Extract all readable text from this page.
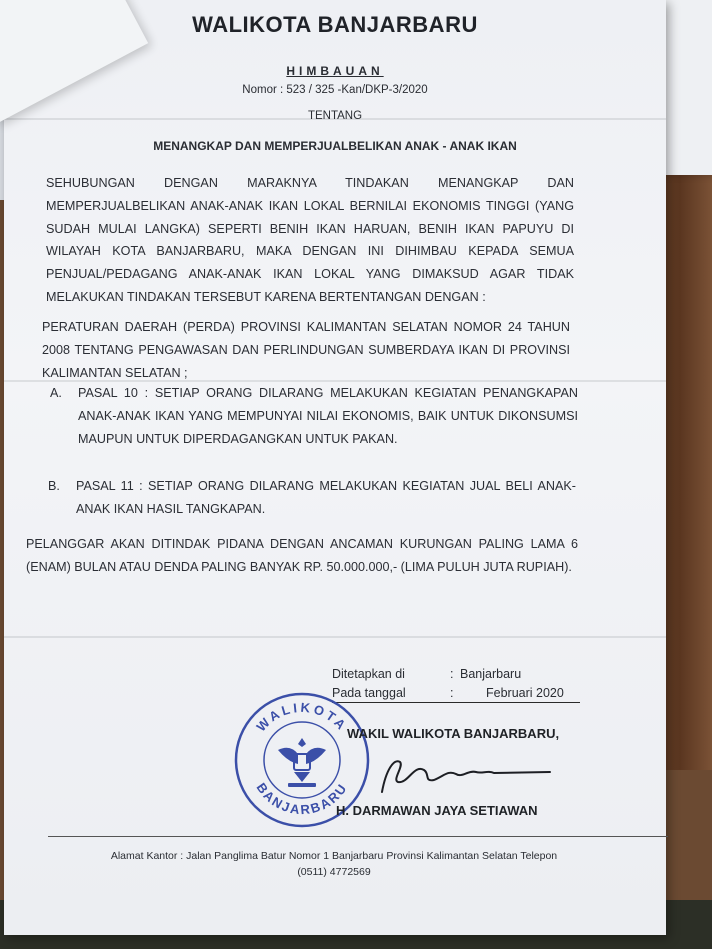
WALIKOTA BANJARBARU
HIMBAUAN
Nomor : 523 / 325 -Kan/DKP-3/2020
TENTANG
MENANGKAP DAN MEMPERJUALBELIKAN ANAK - ANAK IKAN
SEHUBUNGAN DENGAN MARAKNYA TINDAKAN MENANGKAP DAN MEMPERJUALBELIKAN ANAK-ANAK IKAN LOKAL BERNILAI EKONOMIS TINGGI (YANG SUDAH MULAI LANGKA) SEPERTI BENIH IKAN HARUAN, BENIH IKAN PAPUYU DI WILAYAH KOTA BANJARBARU, MAKA DENGAN INI DIHIMBAU KEPADA SEMUA PENJUAL/PEDAGANG ANAK-ANAK IKAN LOKAL YANG DIMAKSUD AGAR TIDAK MELAKUKAN TINDAKAN TERSEBUT KARENA BERTENTANGAN DENGAN :
PERATURAN DAERAH (PERDA) PROVINSI KALIMANTAN SELATAN NOMOR 24 TAHUN 2008 TENTANG PENGAWASAN DAN PERLINDUNGAN SUMBERDAYA IKAN DI PROVINSI KALIMANTAN SELATAN ;
A. PASAL 10 : SETIAP ORANG DILARANG MELAKUKAN KEGIATAN PENANGKAPAN ANAK-ANAK IKAN YANG MEMPUNYAI NILAI EKONOMIS, BAIK UNTUK DIKONSUMSI MAUPUN UNTUK DIPERDAGANGKAN UNTUK PAKAN.
B. PASAL 11 : SETIAP ORANG DILARANG MELAKUKAN KEGIATAN JUAL BELI ANAK-ANAK IKAN HASIL TANGKAPAN.
PELANGGAR AKAN DITINDAK PIDANA DENGAN ANCAMAN KURUNGAN PALING LAMA 6 (ENAM) BULAN ATAU DENDA PALING BANYAK RP. 50.000.000,- (LIMA PULUH JUTA RUPIAH).
Ditetapkan di	: Banjarbaru
Pada tanggal	:	Februari 2020
WALIKOTA
BANJARBARU
WAKIL WALIKOTA BANJARBARU,
H. DARMAWAN JAYA SETIAWAN
Alamat Kantor : Jalan Panglima Batur Nomor 1 Banjarbaru Provinsi Kalimantan Selatan Telepon
(0511) 4772569
